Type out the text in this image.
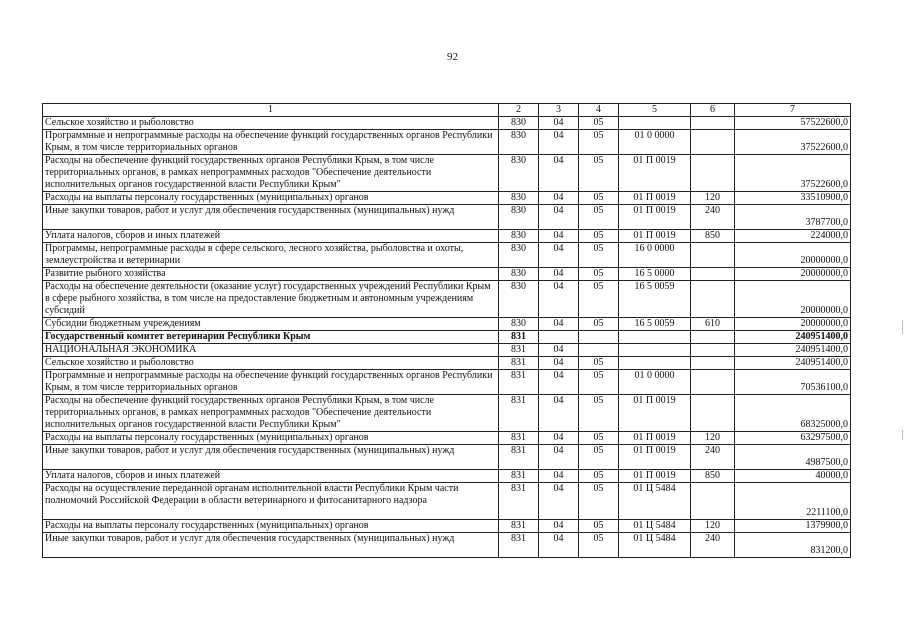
92
1	2	3	4	5	6	7
Сельское хозяйство и рыболовство	830	04	05			57522600,0
Программные и непрограммные расходы на обеспечение функций государственных органов Республики Крым, в том числе территориальных органов	830	04	05	01 0 0000		37522600,0
Расходы на обеспечение функций государственных органов Республики Крым, в том числе территориальных органов, в рамках непрограммных расходов "Обеспечение деятельности исполнительных органов государственной власти Республики Крым"	830	04	05	01 П 0019		37522600,0
Расходы на выплаты персоналу государственных (муниципальных) органов	830	04	05	01 П 0019	120	33510900,0
Иные закупки товаров, работ и услуг для обеспечения государственных (муниципальных) нужд	830	04	05	01 П 0019	240	3787700,0
Уплата налогов, сборов и иных платежей	830	04	05	01 П 0019	850	224000,0
Программы, непрограммные расходы в сфере сельского, лесного хозяйства, рыболовства и охоты, землеустройства и ветеринарии	830	04	05	16 0 0000		20000000,0
Развитие рыбного хозяйства	830	04	05	16 5 0000		20000000,0
Расходы на обеспечение деятельности (оказание услуг) государственных учреждений Республики Крым в сфере рыбного хозяйства, в том числе на предоставление бюджетным и автономным учреждениям субсидий	830	04	05	16 5 0059		20000000,0
Субсидии бюджетным учреждениям	830	04	05	16 5 0059	610	20000000,0
Государственный комитет ветеринарии Республики Крым	831					240951400,0
НАЦИОНАЛЬНАЯ ЭКОНОМИКА	831	04				240951400,0
Сельское хозяйство и рыболовство	831	04	05			240951400,0
Программные и непрограммные расходы на обеспечение функций государственных органов Республики Крым, в том числе территориальных органов	831	04	05	01 0 0000		70536100,0
Расходы на обеспечение функций государственных органов Республики Крым, в том числе территориальных органов, в рамках непрограммных расходов "Обеспечение деятельности исполнительных органов государственной власти Республики Крым"	831	04	05	01 П 0019		68325000,0
Расходы на выплаты персоналу государственных (муниципальных) органов	831	04	05	01 П 0019	120	63297500,0
Иные закупки товаров, работ и услуг для обеспечения государственных (муниципальных) нужд	831	04	05	01 П 0019	240	4987500,0
Уплата налогов, сборов и иных платежей	831	04	05	01 П 0019	850	40000,0
Расходы на осуществление переданной органам исполнительной власти Республики Крым части полномочий Российской Федерации в области ветеринарного и фитосанитарного надзора	831	04	05	01 Ц 5484		2211100,0
Расходы на выплаты персоналу государственных (муниципальных) органов	831	04	05	01 Ц 5484	120	1379900,0
Иные закупки товаров, работ и услуг для обеспечения государственных (муниципальных) нужд	831	04	05	01 Ц 5484	240	831200,0
